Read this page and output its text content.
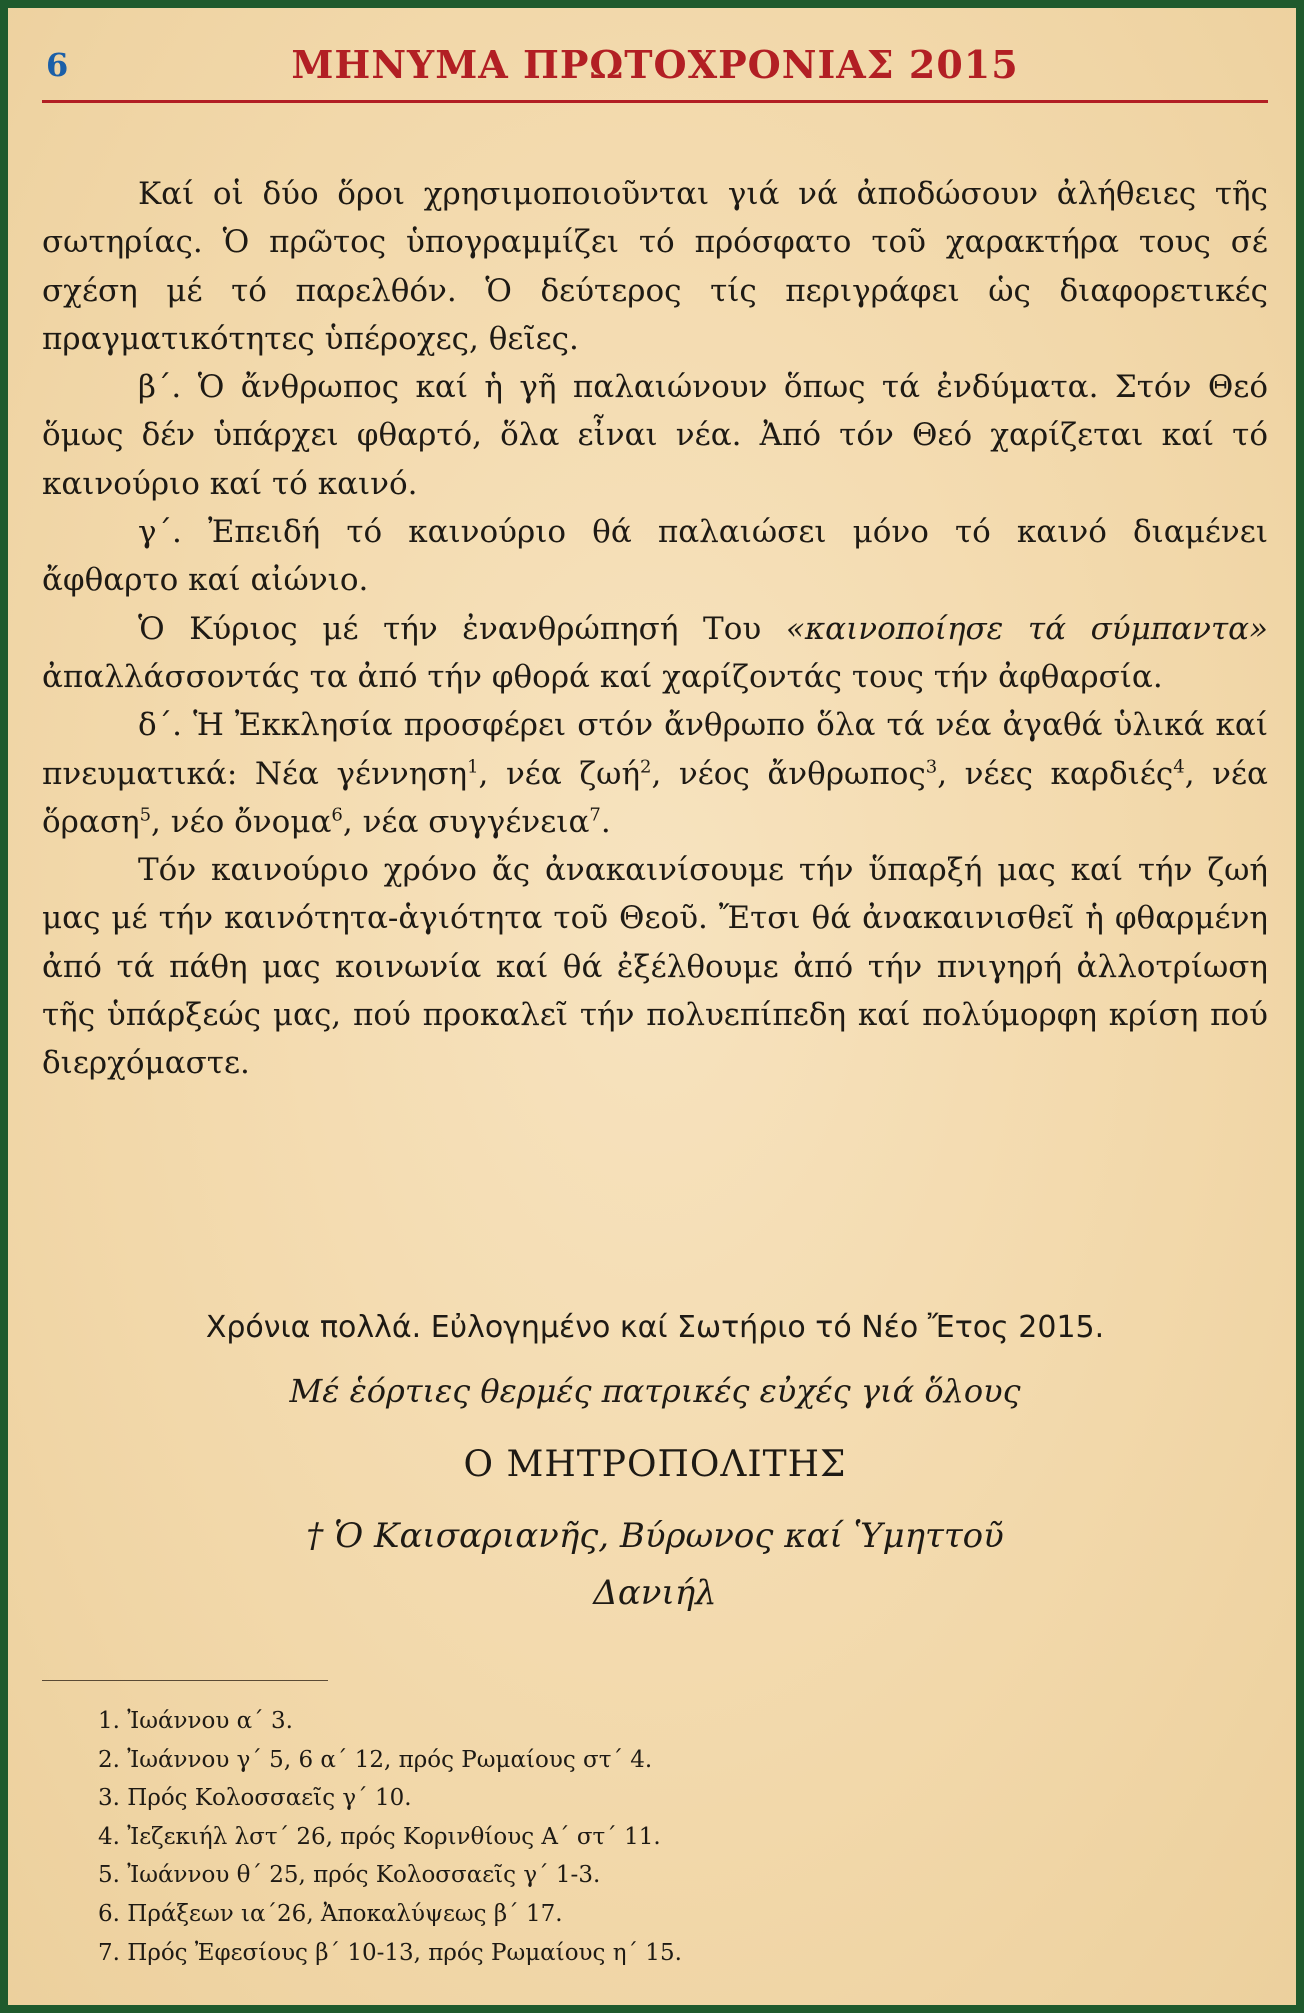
6	ΜΗΝΥΜΑ ΠΡΩΤΟΧΡΟΝΙΑΣ 2015

Καί οἱ δύο ὅροι χρησιμοποιοῦνται γιά νά ἀποδώσουν ἀλήθειες τῆς σωτηρίας. Ὁ πρῶτος ὑπογραμμίζει τό πρόσφατο τοῦ χαρακτήρα τους σέ σχέση μέ τό παρελθόν. Ὁ δεύτερος τίς περιγράφει ὡς διαφορετικές πραγματικότητες ὑπέροχες, θεῖες.

β΄. Ὁ ἄνθρωπος καί ἡ γῆ παλαιώνουν ὅπως τά ἐνδύματα. Στόν Θεό ὅμως δέν ὑπάρχει φθαρτό, ὅλα εἶναι νέα. Ἀπό τόν Θεό χαρίζεται καί τό καινούριο καί τό καινό.

γ΄. Ἐπειδή τό καινούριο θά παλαιώσει μόνο τό καινό διαμένει ἄφθαρτο καί αἰώνιο.

Ὁ Κύριος μέ τήν ἐνανθρώπησή Του «καινοποίησε τά σύμπαντα» ἀπαλλάσσοντάς τα ἀπό τήν φθορά καί χαρίζοντάς τους τήν ἀφθαρσία.

δ΄. Ἡ Ἐκκλησία προσφέρει στόν ἄνθρωπο ὅλα τά νέα ἀγαθά ὑλικά καί πνευματικά: Νέα γέννηση$^1$, νέα ζωή$^2$, νέος ἄνθρωπος$^3$, νέες καρδιές$^4$, νέα ὅραση$^5$, νέο ὄνομα$^6$, νέα συγγένεια$^7$.

Τόν καινούριο χρόνο ἄς ἀνακαινίσουμε τήν ὕπαρξή μας καί τήν ζωή μας μέ τήν καινότητα-ἁγιότητα τοῦ Θεοῦ. Ἔτσι θά ἀνακαινισθεῖ ἡ φθαρμένη ἀπό τά πάθη μας κοινωνία καί θά ἐξέλθουμε ἀπό τήν πνιγηρή ἀλλοτρίωση τῆς ὑπάρξεώς μας, πού προκαλεῖ τήν πολυεπίπεδη καί πολύμορφη κρίση πού διερχόμαστε.

Χρόνια πολλά. Εὐλογημένο καί Σωτήριο τό Νέο Ἔτος 2015.
Μέ ἑόρτιες θερμές πατρικές εὐχές γιά ὅλους
Ο ΜΗΤΡΟΠΟΛΙΤΗΣ
† Ὁ Καισαριανῆς, Βύρωνος καί Ὑμηττοῦ
Δανιήλ
1. Ἰωάννου α΄ 3.
2. Ἰωάννου γ΄ 5, 6 α΄ 12, πρός Ρωμαίους στ΄ 4.
3. Πρός Κολοσσαεῖς γ΄ 10.
4. Ἰεζεκιήλ λστ΄ 26, πρός Κορινθίους Α΄ στ΄ 11.
5. Ἰωάννου θ΄ 25, πρός Κολοσσαεῖς γ΄ 1-3.
6. Πράξεων ια΄26, Ἀποκαλύψεως β΄ 17.
7. Πρός Ἐφεσίους β΄ 10-13, πρός Ρωμαίους η΄ 15.
